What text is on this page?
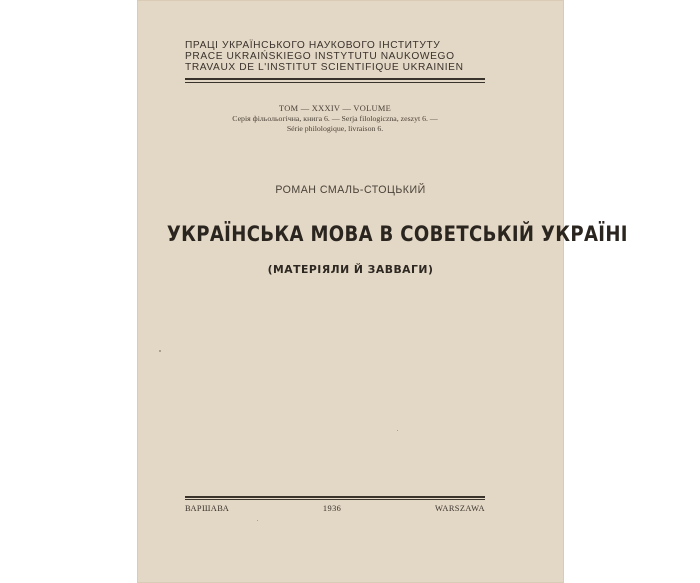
ПРАЦІ УКРАЇНСЬКОГО НАУКОВОГО ІНСТИТУТУ
PRACE UKRAIŃSKIEGO INSTYTUTU NAUKOWEGO
TRAVAUX DE L'INSTITUT SCIENTIFIQUE UKRAINIEN
ТОМ — XXXIV — VOLUME
Серія фільольогічна, книга 6. — Serja filologiczna, zeszyt 6. —
Série philologique, livraison 6.
РОМАН СМАЛЬ-СТОЦЬКИЙ
УКРАЇНСЬКА МОВА В СОВЕТСЬКІЙ УКРАЇНІ
(МАТЕРІЯЛИ Й ЗАВВАГИ)
ВАРШАВА	1936	WARSZAWA
